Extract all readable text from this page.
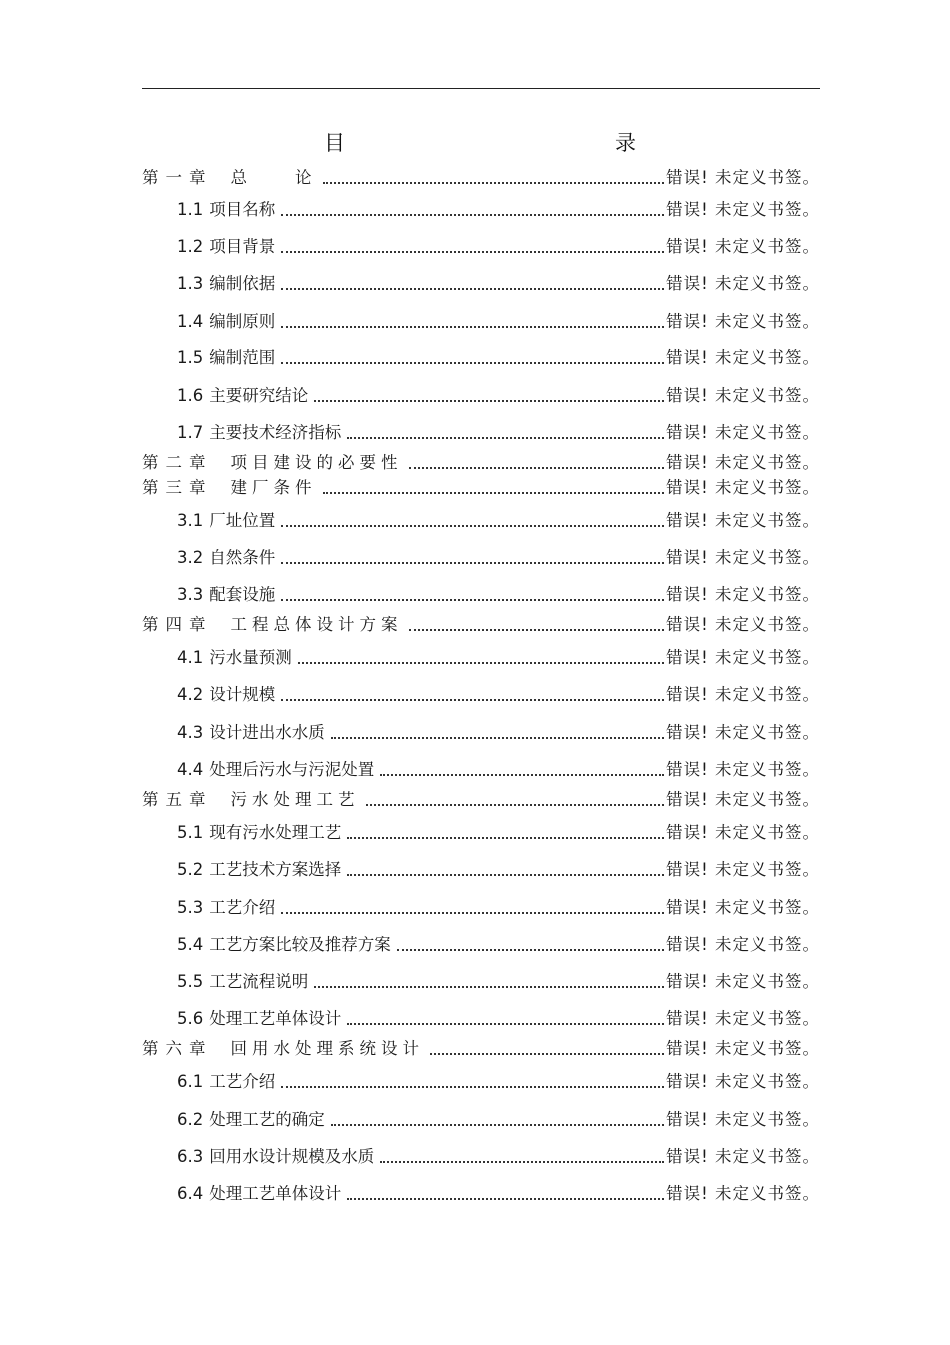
目　　录
第一章 总　　论	错误! 未定义书签。
1.1 项目名称	错误! 未定义书签。
1.2 项目背景	错误! 未定义书签。
1.3 编制依据	错误! 未定义书签。
1.4 编制原则	错误! 未定义书签。
1.5 编制范围	错误! 未定义书签。
1.6 主要研究结论	错误! 未定义书签。
1.7 主要技术经济指标	错误! 未定义书签。
第二章 项目建设的必要性	错误! 未定义书签。
第三章 建厂条件	错误! 未定义书签。
3.1 厂址位置	错误! 未定义书签。
3.2 自然条件	错误! 未定义书签。
3.3 配套设施	错误! 未定义书签。
第四章 工程总体设计方案	错误! 未定义书签。
4.1 污水量预测	错误! 未定义书签。
4.2 设计规模	错误! 未定义书签。
4.3 设计进出水水质	错误! 未定义书签。
4.4 处理后污水与污泥处置	错误! 未定义书签。
第五章 污水处理工艺	错误! 未定义书签。
5.1 现有污水处理工艺	错误! 未定义书签。
5.2 工艺技术方案选择	错误! 未定义书签。
5.3 工艺介绍	错误! 未定义书签。
5.4 工艺方案比较及推荐方案	错误! 未定义书签。
5.5 工艺流程说明	错误! 未定义书签。
5.6 处理工艺单体设计	错误! 未定义书签。
第六章 回用水处理系统设计	错误! 未定义书签。
6.1 工艺介绍	错误! 未定义书签。
6.2 处理工艺的确定	错误! 未定义书签。
6.3 回用水设计规模及水质	错误! 未定义书签。
6.4 处理工艺单体设计	错误! 未定义书签。
